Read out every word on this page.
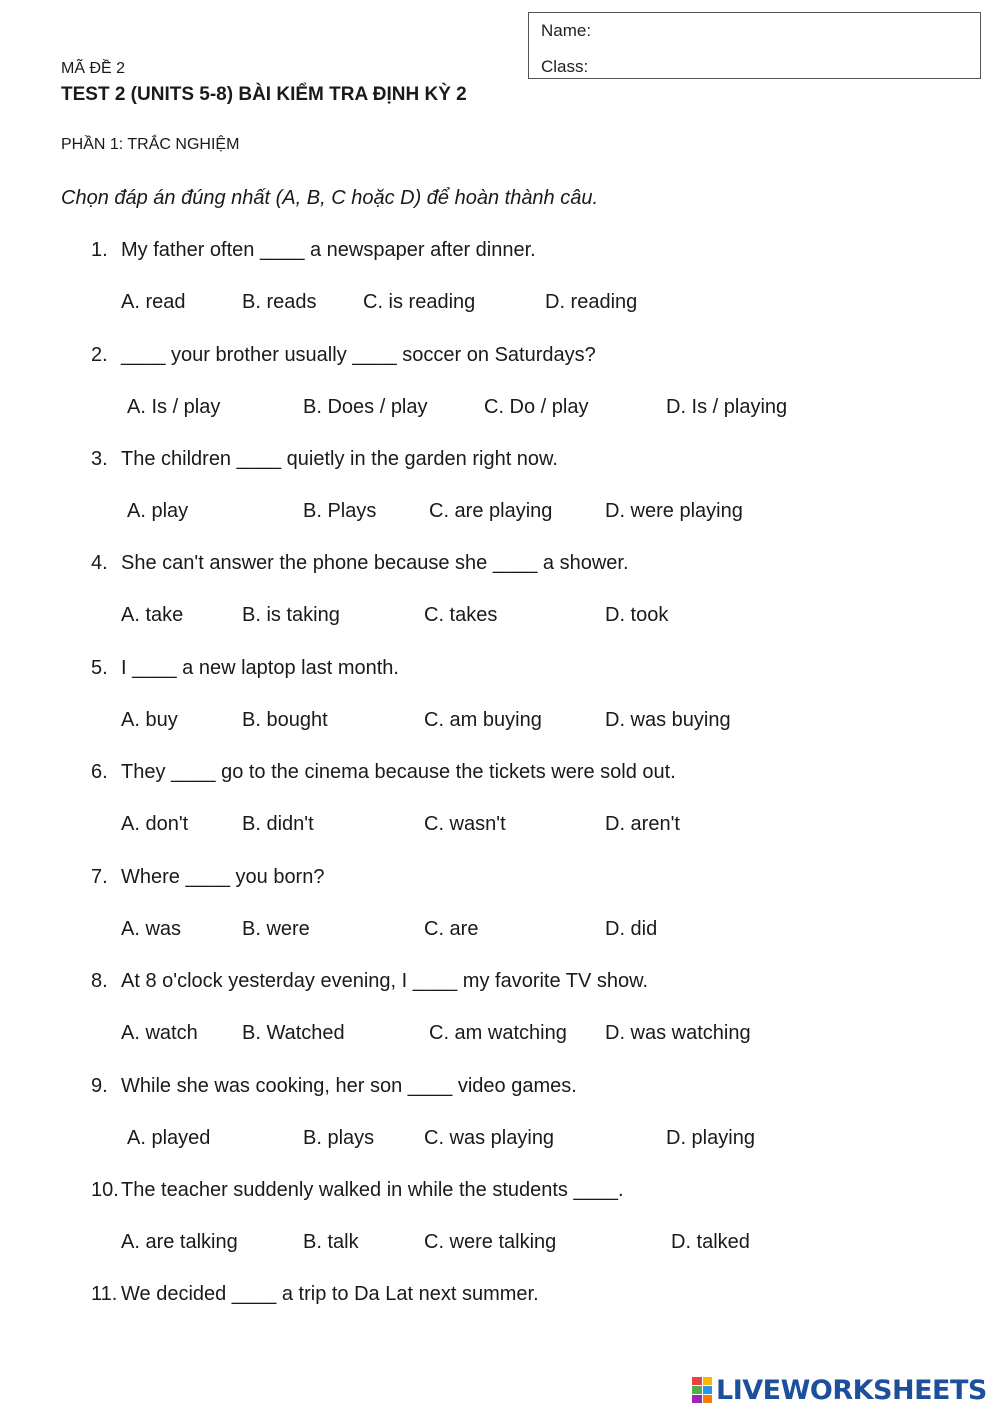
Name:
Class:
MÃ ĐỀ 2
TEST 2 (UNITS 5-8) BÀI KIỂM TRA ĐỊNH KỲ 2
PHẦN 1: TRẮC NGHIỆM
Chọn đáp án đúng nhất (A, B, C hoặc D) để hoàn thành câu.
1. My father often ____ a newspaper after dinner.
A. read	B. reads C. is reading	D. reading
2. ____ your brother usually ____ soccer on Saturdays?
A. Is / play	B. Does / play	C. Do / play	D. Is / playing
3. The children ____ quietly in the garden right now.
A. play	B. Plays	C. are playing	D. were playing
4. She can't answer the phone because she ____ a shower.
A. take	B. is taking	C. takes	D. took
5. I ____ a new laptop last month.
A. buy	B. bought	C. am buying	D. was buying
6. They ____ go to the cinema because the tickets were sold out.
A. don't	B. didn't	C. wasn't	D. aren't
7. Where ____ you born?
A. was	B. were	C. are	D. did
8. At 8 o'clock yesterday evening, I ____ my favorite TV show.
A. watch B. Watched	C. am watching D. was watching
9. While she was cooking, her son ____ video games.
A. played	B. plays C. was playing	D. playing
10. The teacher suddenly walked in while the students ____.
A. are talking	B. talk	C. were talking	D. talked
11. We decided ____ a trip to Da Lat next summer.
LIVEWORKSHEETS
